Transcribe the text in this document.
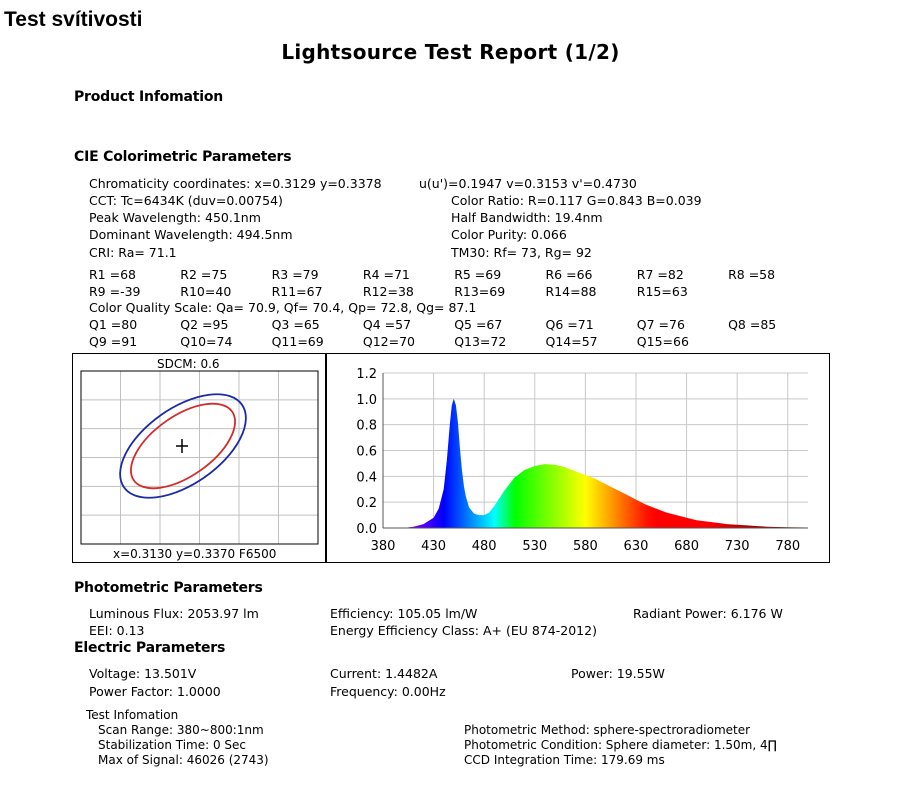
Test svítivosti
Lightsource Test Report (1/2)
Product Infomation
CIE Colorimetric Parameters
Chromaticity coordinates: x=0.3129 y=0.3378	u(u')=0.1947 v=0.3153 v'=0.4730
CCT: Tc=6434K (duv=0.00754)	Color Ratio: R=0.117 G=0.843 B=0.039
Peak Wavelength: 450.1nm	Half Bandwidth: 19.4nm
Dominant Wavelength: 494.5nm	Color Purity: 0.066
CRI: Ra= 71.1	TM30: Rf= 73, Rg= 92
R1 =68	R2 =75	R3 =79	R4 =71	R5 =69	R6 =66	R7 =82	R8 =58
R9 =-39	R10=40	R11=67	R12=38	R13=69	R14=88	R15=63
Color Quality Scale: Qa= 70.9, Qf= 70.4, Qp= 72.8, Qg= 87.1
Q1 =80	Q2 =95	Q3 =65	Q4 =57	Q5 =67	Q6 =71	Q7 =76	Q8 =85
Q9 =91	Q10=74	Q11=69	Q12=70	Q13=72	Q14=57	Q15=66
SDCM: 0.6
x=0.3130 y=0.3370 F6500
0.0
0.2
0.4
0.6
0.8
1.0
1.2
380 430 480 530 580 630 680 730 780
Photometric Parameters
Luminous Flux: 2053.97 lm	Efficiency: 105.05 lm/W	Radiant Power: 6.176 W
EEI: 0.13	Energy Efficiency Class: A+ (EU 874-2012)
Electric Parameters
Voltage: 13.501V	Current: 1.4482A	Power: 19.55W
Power Factor: 1.0000	Frequency: 0.00Hz
Test Infomation
Scan Range: 380~800:1nm
Stabilization Time: 0 Sec
Max of Signal: 46026 (2743)
Photometric Method: sphere-spectroradiometer
Photometric Condition: Sphere diameter: 1.50m, 4∏
CCD Integration Time: 179.69 ms
